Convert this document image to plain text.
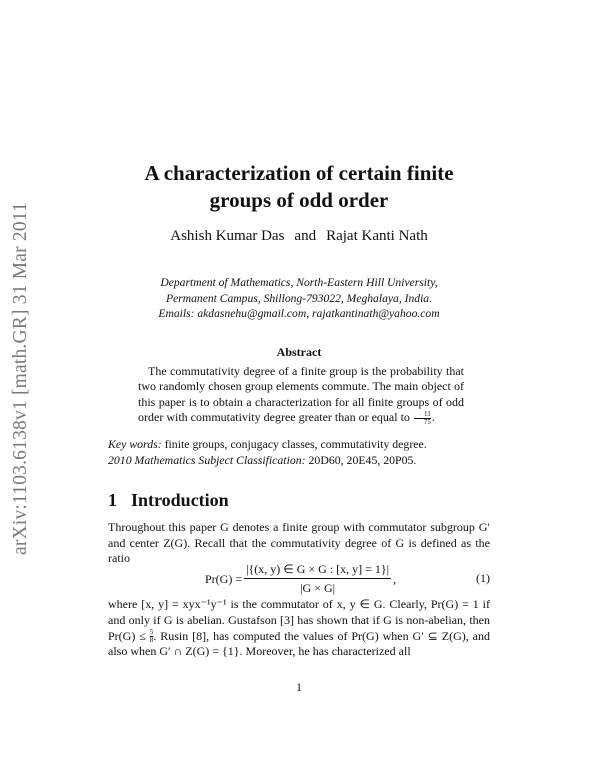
arXiv:1103.6138v1 [math.GR] 31 Mar 2011
A characterization of certain finite
groups of odd order
Ashish Kumar Das and Rajat Kanti Nath
Department of Mathematics, North-Eastern Hill University,
Permanent Campus, Shillong-793022, Meghalaya, India.
Emails: akdasnehu@gmail.com, rajatkantinath@yahoo.com
Abstract
The commutativity degree of a finite group is the probability that two randomly chosen group elements commute. The main object of this paper is to obtain a characterization for all finite groups of odd order with commutativity degree greater than or equal to $\frac{11}{75}$ .
Key words: finite groups, conjugacy classes, commutativity degree.
2010 Mathematics Subject Classification: 20D60, 20E45, 20P05.
1 Introduction
Throughout this paper G denotes a finite group with commutator subgroup G′ and center Z(G). Recall that the commutativity degree of G is defined as the ratio
$Pr(G) = \frac{|\{(x, y) \in G \times G : [x, y] = 1\}|}{|G \times G|}$ ,	(1)
where [x, y] = xyx⁻¹y⁻¹ is the commutator of x, y ∈ G. Clearly, Pr(G) = 1 if and only if G is abelian. Gustafson [3] has shown that if G is non-abelian, then $Pr(G) \le \frac{5}{8}$. Rusin [8], has computed the values of Pr(G) when G′ ⊆ Z(G), and also when G′ ∩ Z(G) = {1}. Moreover, he has characterized all
1
